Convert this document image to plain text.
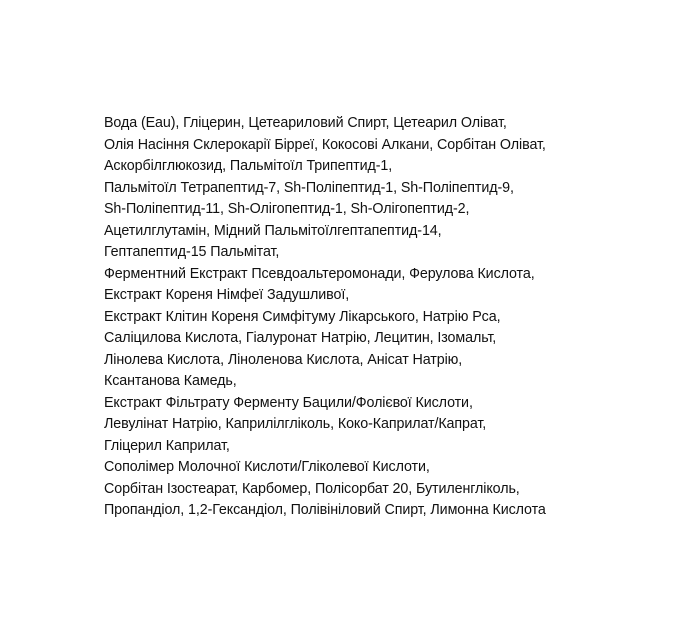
Вода (Eau), Гліцерин, Цетеариловий Спирт, Цетеарил Оліват,
Олія Насіння Склерокарії Бірреї, Кокосові Алкани, Сорбітан Оліват,
Аскорбілглюкозид, Пальмітоїл Трипептид-1,
Пальмітоїл Тетрапептид-7, Sh-Поліпептид-1, Sh-Поліпептид-9,
Sh-Поліпептид-11, Sh-Олігопептид-1, Sh-Олігопептид-2,
Ацетилглутамін, Мідний Пальмітоїлгептапептид-14,
Гептапептид-15 Пальмітат,
Ферментний Екстракт Псевдоальтеромонади, Ферулова Кислота,
Екстракт Кореня Німфеї Задушливої,
Екстракт Клітин Кореня Симфітуму Лікарського, Натрію Pca,
Саліцилова Кислота, Гіалуронат Натрію, Лецитин, Ізомальт,
Лінолева Кислота, Ліноленова Кислота, Анісат Натрію,
Ксантанова Камедь,
Екстракт Фільтрату Ферменту Бацили/Фолієвої Кислоти,
Левулінат Натрію, Каприлілгліколь, Коко-Каприлат/Капрат,
Гліцерил Каприлат,
Сополімер Молочної Кислоти/Гліколевої Кислоти,
Сорбітан Ізостеарат, Карбомер, Полісорбат 20, Бутиленгліколь,
Пропандіол, 1,2-Гександіол, Полівініловий Спирт, Лимонна Кислота
